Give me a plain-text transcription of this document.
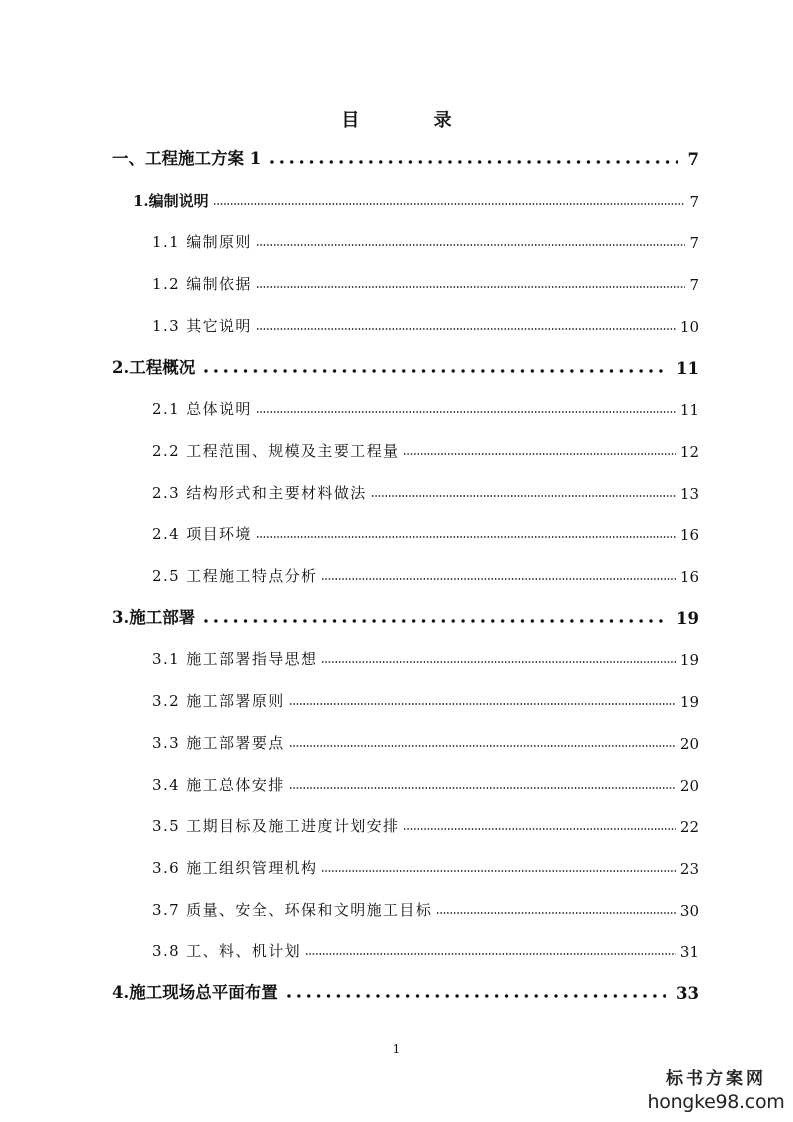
目 录
一、工程施工方案 1	7
1.编制说明	7
1.1 编制原则	7
1.2 编制依据	7
1.3 其它说明	10
2.工程概况	11
2.1 总体说明	11
2.2 工程范围、规模及主要工程量	12
2.3 结构形式和主要材料做法	13
2.4 项目环境	16
2.5 工程施工特点分析	16
3.施工部署	19
3.1 施工部署指导思想	19
3.2 施工部署原则	19
3.3 施工部署要点	20
3.4 施工总体安排	20
3.5 工期目标及施工进度计划安排	22
3.6 施工组织管理机构	23
3.7 质量、安全、环保和文明施工目标	30
3.8 工、料、机计划	31
4.施工现场总平面布置	33
1
标书方案网
hongke98.com
